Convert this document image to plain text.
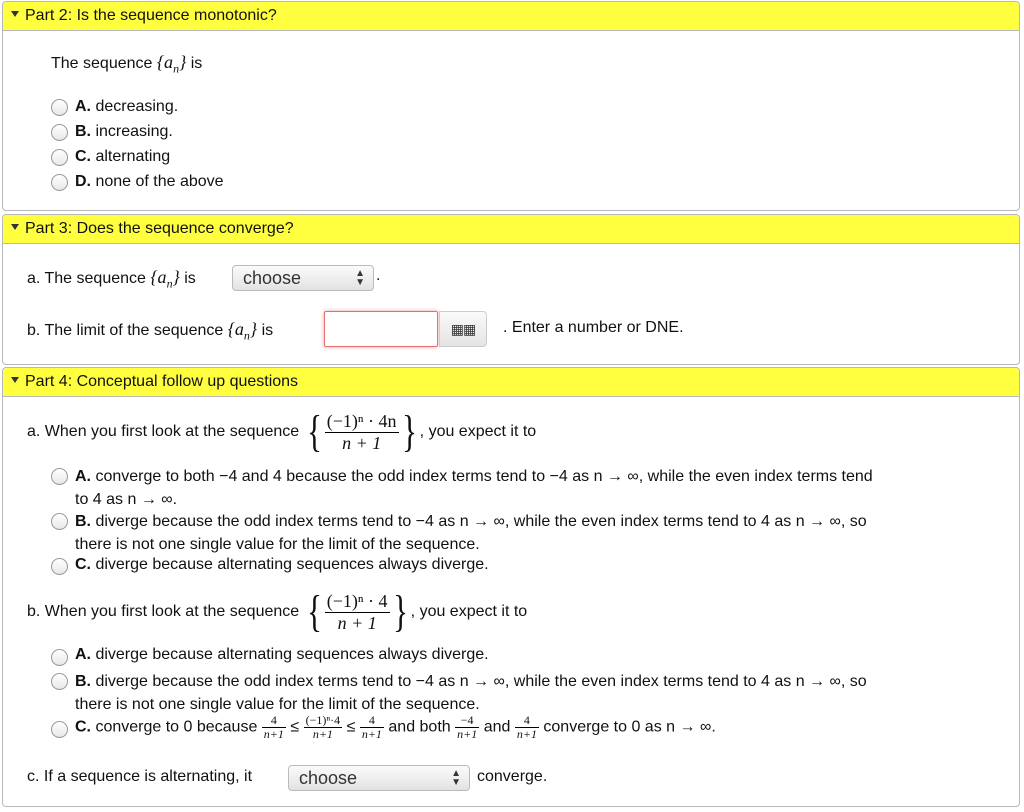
Part 2: Is the sequence monotonic?
The sequence $\{a_n\}$ is
A. decreasing.
B. increasing.
C. alternating
D. none of the above
Part 3: Does the sequence converge?
a. The sequence $\{a_n\}$ is	choose	▲
▼ .
b. The limit of the sequence $\{a_n\}$ is	▦▦	. Enter a number or DNE.
Part 4: Conceptual follow up questions
a. When you first look at the sequence { $\frac{\text{(−1)ⁿ · 4n}}{n + 1}$ } , you expect it to
A. converge to both −4 and 4 because the odd index terms tend to −4 as n → ∞, while the even index terms tend
to 4 as n → ∞.
B. diverge because the odd index terms tend to −4 as n → ∞, while the even index terms tend to 4 as n → ∞, so
there is not one single value for the limit of the sequence.
C. diverge because alternating sequences always diverge.
b. When you first look at the sequence { $\frac{\text{(−1)ⁿ · 4}}{n + 1}$ } , you expect it to
A. diverge because alternating sequences always diverge.
B. diverge because the odd index terms tend to −4 as n → ∞, while the even index terms tend to 4 as n → ∞, so
there is not one single value for the limit of the sequence.
C. converge to 0 because $\frac{4}{n+1} \le \frac{\text{(−1)ⁿ·4}}{n+1} \le \frac{4}{n+1}$ and both $\frac{-4}{n+1}$ and $\frac{4}{n+1}$ converge to 0 as n → ∞.
c. If a sequence is alternating, it	choose	▲
▼ converge.
